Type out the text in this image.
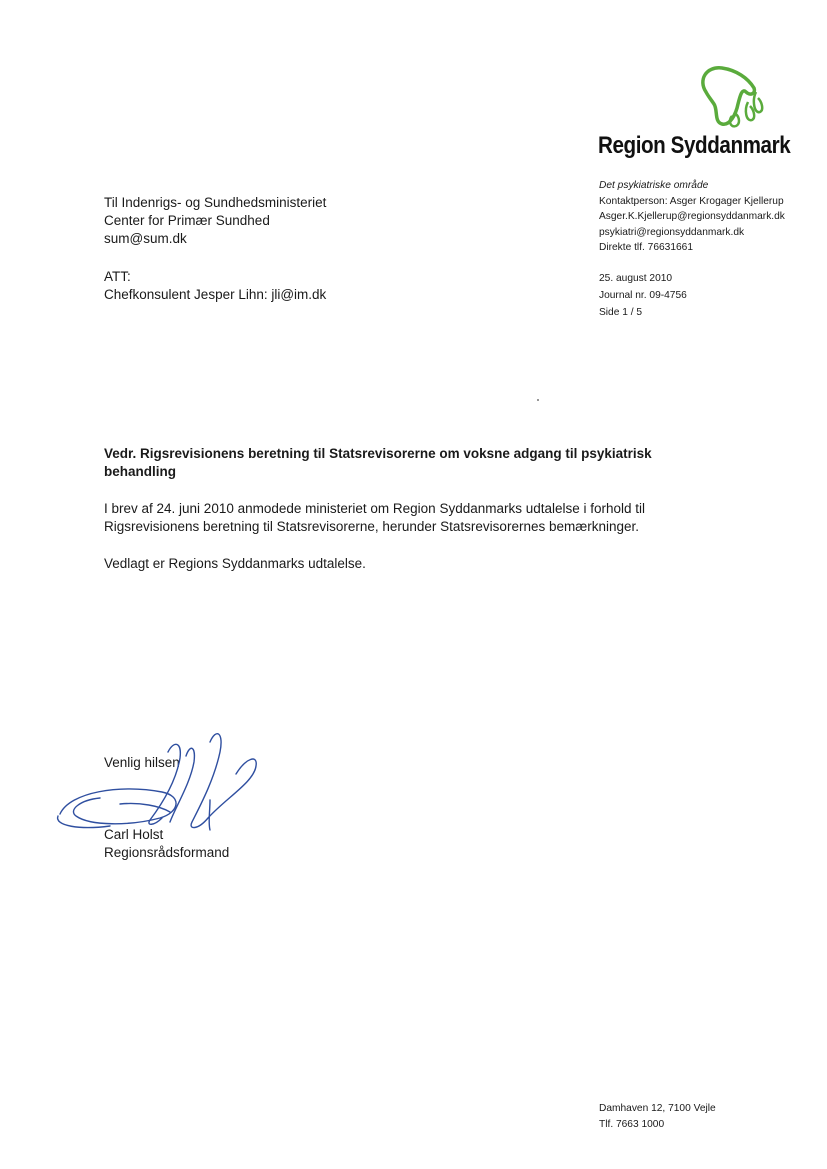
Region Syddanmark
Til Indenrigs- og Sundhedsministeriet
Center for Primær Sundhed
sum@sum.dk
ATT:
Chefkonsulent Jesper Lihn: jli@im.dk
Det psykiatriske område
Kontaktperson: Asger Krogager Kjellerup
Asger.K.Kjellerup@regionsyddanmark.dk
psykiatri@regionsyddanmark.dk
Direkte tlf. 76631661
25. august 2010
Journal nr. 09-4756
Side 1 / 5
Vedr. Rigsrevisionens beretning til Statsrevisorerne om voksne adgang til psykiatrisk behandling
I brev af 24. juni 2010 anmodede ministeriet om Region Syddanmarks udtalelse i forhold til Rigsrevisionens beretning til Statsrevisorerne, herunder Statsrevisorernes bemærkninger.
Vedlagt er Regions Syddanmarks udtalelse.
Venlig hilsen
Carl Holst
Regionsrådsformand
Damhaven 12, 7100 Vejle
Tlf. 7663 1000
